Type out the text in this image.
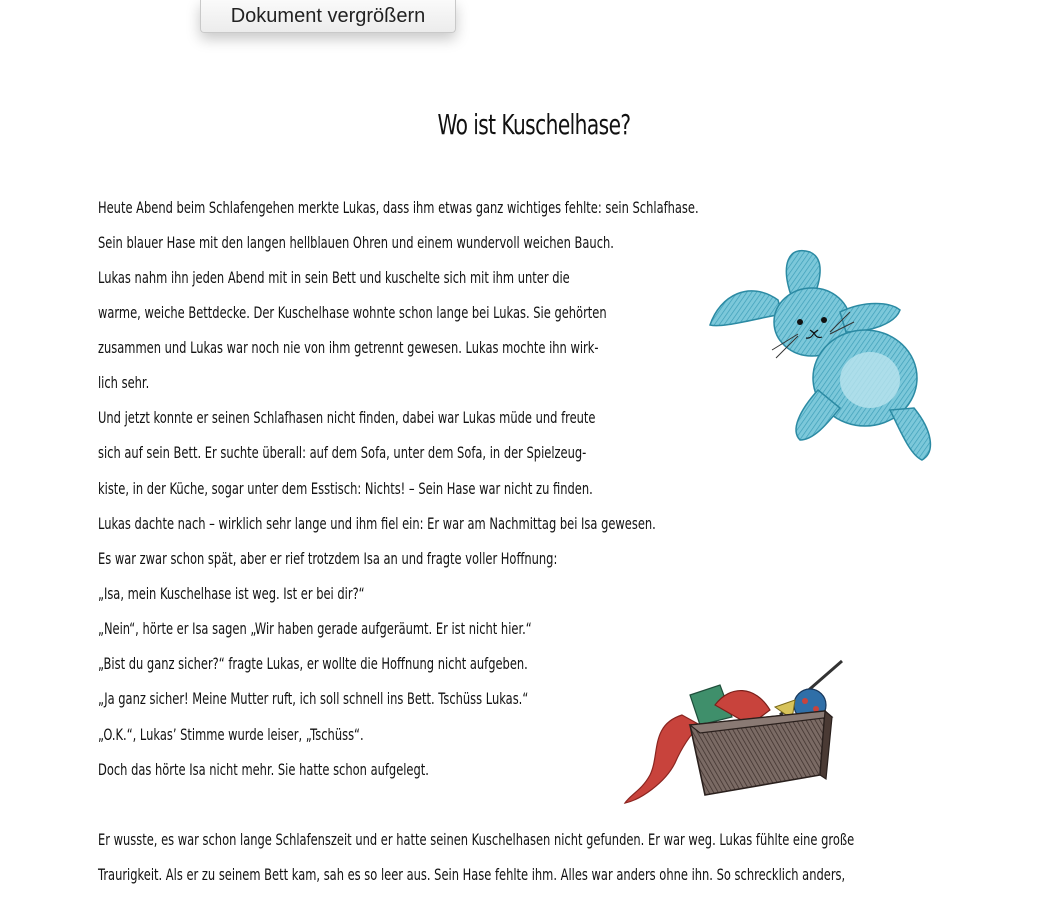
Dokument vergrößern
Wo ist Kuschelhase?
Heute Abend beim Schlafengehen merkte Lukas, dass ihm etwas ganz wichtiges fehlte: sein Schlafhase.
Sein blauer Hase mit den langen hellblauen Ohren und einem wundervoll weichen Bauch.
Lukas nahm ihn jeden Abend mit in sein Bett und kuschelte sich mit ihm unter die
warme, weiche Bettdecke. Der Kuschelhase wohnte schon lange bei Lukas. Sie gehörten
zusammen und Lukas war noch nie von ihm getrennt gewesen. Lukas mochte ihn wirk-
lich sehr.
Und jetzt konnte er seinen Schlafhasen nicht finden, dabei war Lukas müde und freute
sich auf sein Bett. Er suchte überall: auf dem Sofa, unter dem Sofa, in der Spielzeug-
kiste, in der Küche, sogar unter dem Esstisch: Nichts! – Sein Hase war nicht zu finden.
Lukas dachte nach – wirklich sehr lange und ihm fiel ein: Er war am Nachmittag bei Isa gewesen.
Es war zwar schon spät, aber er rief trotzdem Isa an und fragte voller Hoffnung:
„Isa, mein Kuschelhase ist weg. Ist er bei dir?“
„Nein“, hörte er Isa sagen „Wir haben gerade aufgeräumt. Er ist nicht hier.“
„Bist du ganz sicher?“ fragte Lukas, er wollte die Hoffnung nicht aufgeben.
„Ja ganz sicher! Meine Mutter ruft, ich soll schnell ins Bett. Tschüss Lukas.“
„O.K.“, Lukas’ Stimme wurde leiser, „Tschüss“.
Doch das hörte Isa nicht mehr. Sie hatte schon aufgelegt.
Er wusste, es war schon lange Schlafenszeit und er hatte seinen Kuschelhasen nicht gefunden. Er war weg. Lukas fühlte eine große
Traurigkeit. Als er zu seinem Bett kam, sah es so leer aus. Sein Hase fehlte ihm. Alles war anders ohne ihn. So schrecklich anders,
